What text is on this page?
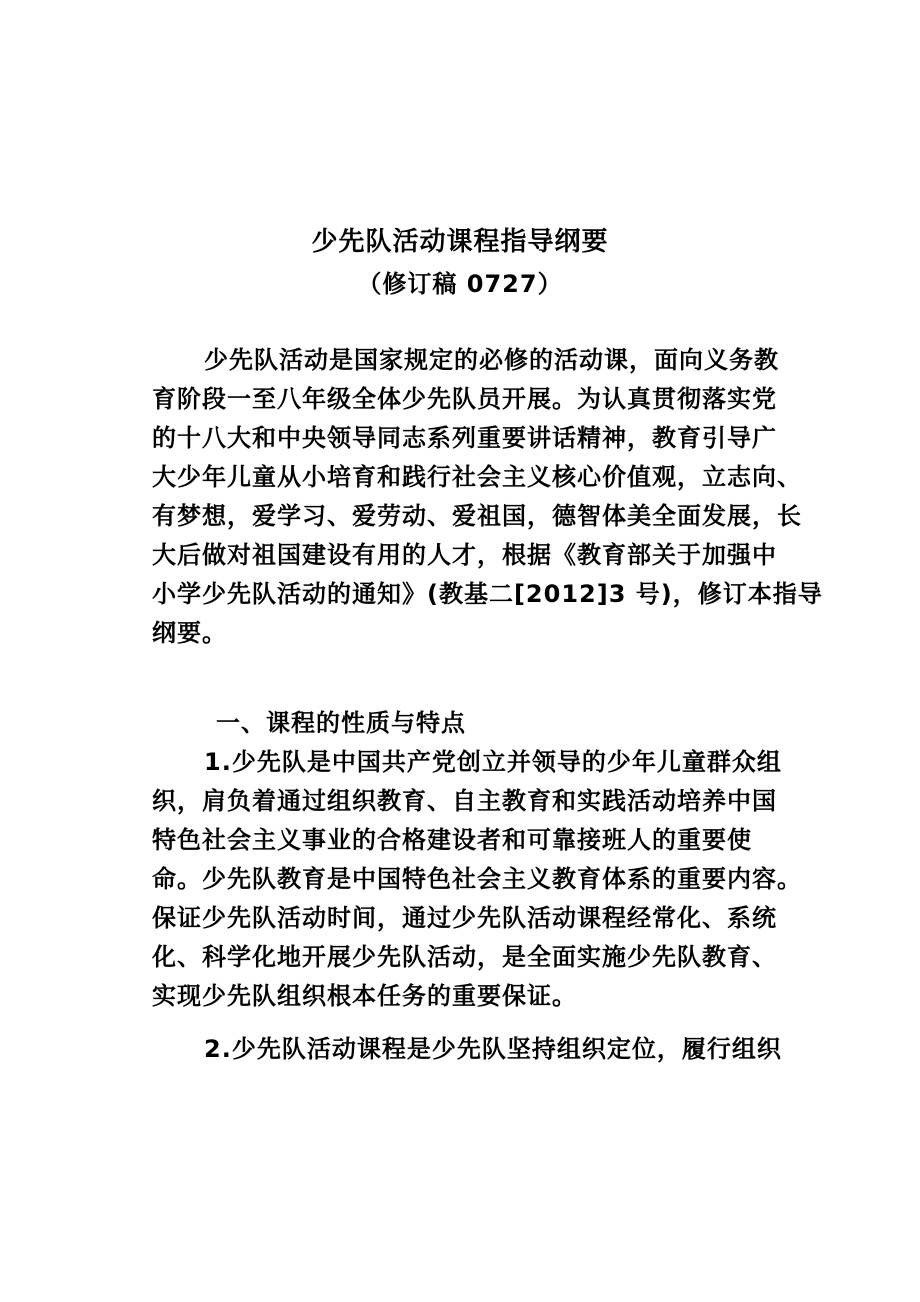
少先队活动课程指导纲要
（修订稿 0727）
少先队活动是国家规定的必修的活动课，面向义务教
育阶段一至八年级全体少先队员开展。为认真贯彻落实党
的十八大和中央领导同志系列重要讲话精神，教育引导广
大少年儿童从小培育和践行社会主义核心价值观，立志向、
有梦想，爱学习、爱劳动、爱祖国，德智体美全面发展，长
大后做对祖国建设有用的人才，根据《教育部关于加强中
小学少先队活动的通知》(教基二[2012]3 号)，修订本指导
纲要。
一、课程的性质与特点
1.少先队是中国共产党创立并领导的少年儿童群众组
织，肩负着通过组织教育、自主教育和实践活动培养中国
特色社会主义事业的合格建设者和可靠接班人的重要使
命。少先队教育是中国特色社会主义教育体系的重要内容。
保证少先队活动时间，通过少先队活动课程经常化、系统
化、科学化地开展少先队活动，是全面实施少先队教育、
实现少先队组织根本任务的重要保证。
2.少先队活动课程是少先队坚持组织定位，履行组织
